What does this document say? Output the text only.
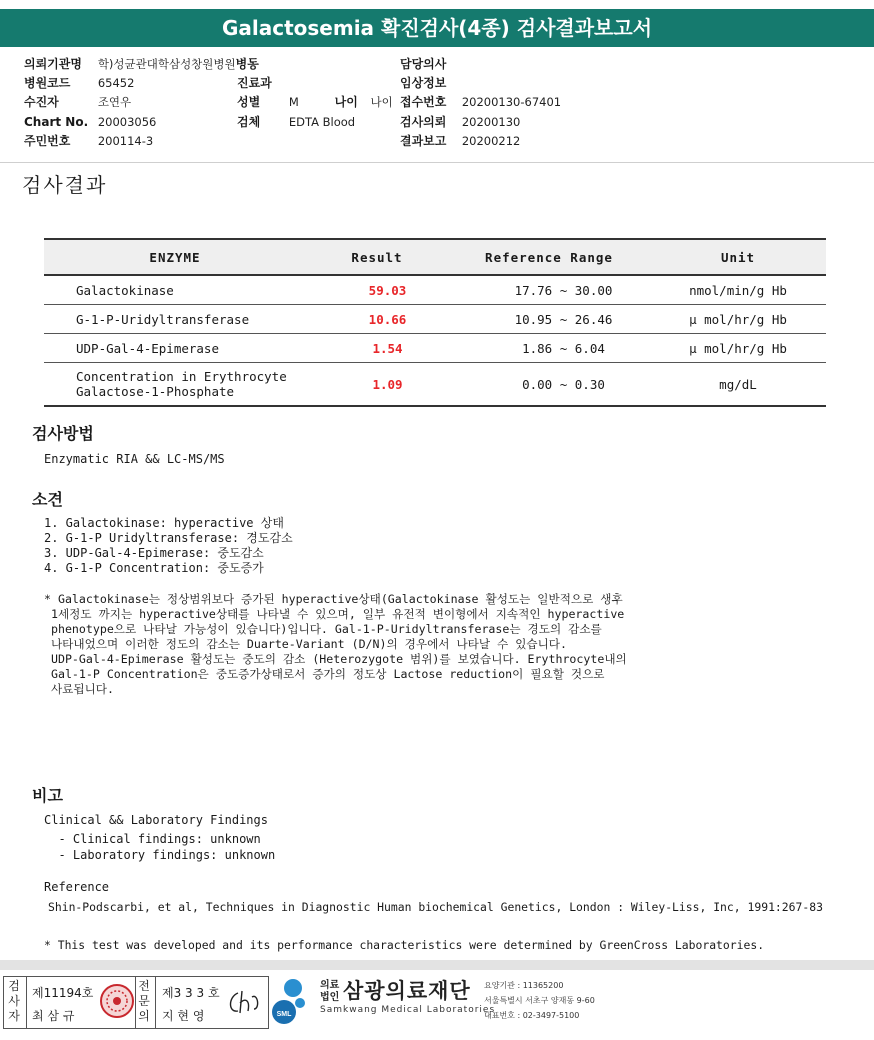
Galactosemia 확진검사(4종) 검사결과보고서
의뢰기관명 학)성균관대학삼성창원병원병동	담당의사
병원코드 65452	진료과	임상정보
수진자	조연우	성별 M	나이 나이 접수번호 20200130-67401
Chart No. 20003056	검체 EDTA Blood	검사의뢰 20200130
주민번호 200114-3	결과보고 20200212
검사결과
ENZYME	Result	Reference Range	Unit
Galactokinase	59.03	17.76 ~ 30.00	nmol/min/g Hb
G-1-P-Uridyltransferase	10.66	10.95 ~ 26.46	μ mol/hr/g Hb
UDP-Gal-4-Epimerase	1.54	1.86 ~ 6.04	μ mol/hr/g Hb
Concentration in Erythrocyte
Galactose-1-Phosphate	1.09	0.00 ~ 0.30	mg/dL
검사방법
Enzymatic RIA && LC-MS/MS
소견
1. Galactokinase: hyperactive 상태
2. G-1-P Uridyltransferase: 경도감소
3. UDP-Gal-4-Epimerase: 중도감소
4. G-1-P Concentration: 중도증가
* Galactokinase는 정상범위보다 증가된 hyperactive상태(Galactokinase 활성도는 일반적으로 생후
1세정도 까지는 hyperactive상태를 나타낼 수 있으며, 일부 유전적 변이형에서 지속적인 hyperactive
phenotype으로 나타날 가능성이 있습니다)입니다. Gal-1-P-Uridyltransferase는 경도의 감소를
나타내었으며 이러한 정도의 감소는 Duarte-Variant (D/N)의 경우에서 나타날 수 있습니다.
UDP-Gal-4-Epimerase 활성도는 중도의 감소 (Heterozygote 범위)를 보였습니다. Erythrocyte내의
Gal-1-P Concentration은 중도증가상태로서 증가의 정도상 Lactose reduction이 필요할 것으로
사료됩니다.
비고
Clinical && Laboratory Findings
- Clinical findings: unknown
- Laboratory findings: unknown
Reference
Shin-Podscarbi, et al, Techniques in Diagnostic Human biochemical Genetics, London : Wiley-Liss, Inc, 1991:267-83
* This test was developed and its performance characteristics were determined by GreenCross Laboratories.
검
사
자
제11194호
최 삼 규
전
문
의
제3 3 3 호
지 현 영	SML
의료법인 삼광의료재단
Samkwang Medical Laboratories
요양기관 : 11365200
서울특별시 서초구 양재동 9-60
대표번호 : 02-3497-5100
